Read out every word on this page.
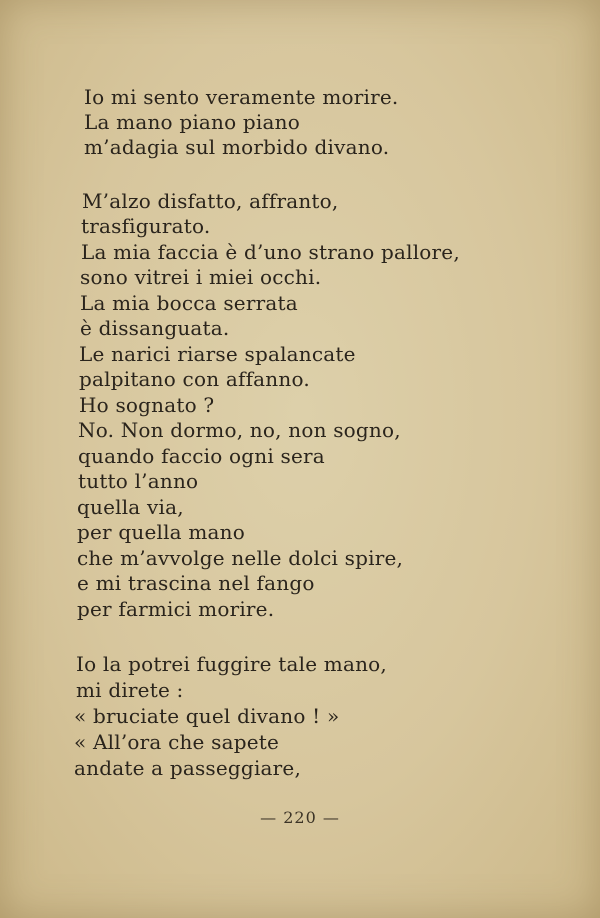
Io mi sento veramente morire.
La mano piano piano
m’adagia sul morbido divano.
M’alzo disfatto, affranto,
trasfigurato.
La mia faccia è d’uno strano pallore,
sono vitrei i miei occhi.
La mia bocca serrata
è dissanguata.
Le narici riarse spalancate
palpitano con affanno.
Ho sognato ?
No. Non dormo, no, non sogno,
quando faccio ogni sera
tutto l’anno
quella via,
per quella mano
che m’avvolge nelle dolci spire,
e mi trascina nel fango
per farmici morire.
Io la potrei fuggire tale mano,
mi direte :
« bruciate quel divano ! »
« All’ora che sapete
andate a passeggiare,
— 220 —
